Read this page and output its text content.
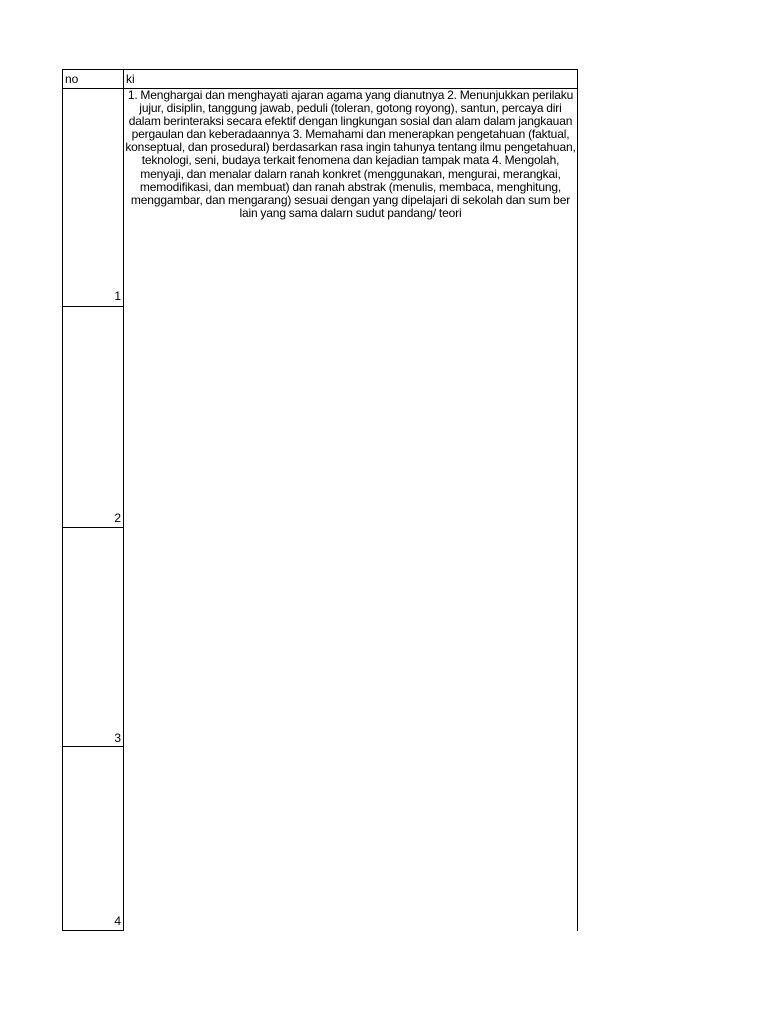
no	ki
1. Menghargai dan menghayati ajaran agama yang dianutnya 2. Menunjukkan perilaku jujur, disiplin, tanggung jawab, peduli (toleran, gotong royong), santun, percaya diri dalam berinteraksi secara efektif dengan lingkungan sosial dan alam dalam jangkauan pergaulan dan keberadaannya 3. Memahami dan menerapkan pengetahuan (faktual, konseptual, dan prosedural) berdasarkan rasa ingin tahunya tentang ilmu pengetahuan, teknologi, seni, budaya terkait fenomena dan kejadian tampak mata 4. Mengolah, menyaji, dan menalar dalarn ranah konkret (menggunakan, mengurai, merangkai, memodifikasi, dan membuat) dan ranah abstrak (menulis, membaca, menghitung, menggambar, dan mengarang) sesuai dengan yang dipelajari di sekolah dan sum ber lain yang sama dalarn sudut pandang/ teori
1
2
3
4
